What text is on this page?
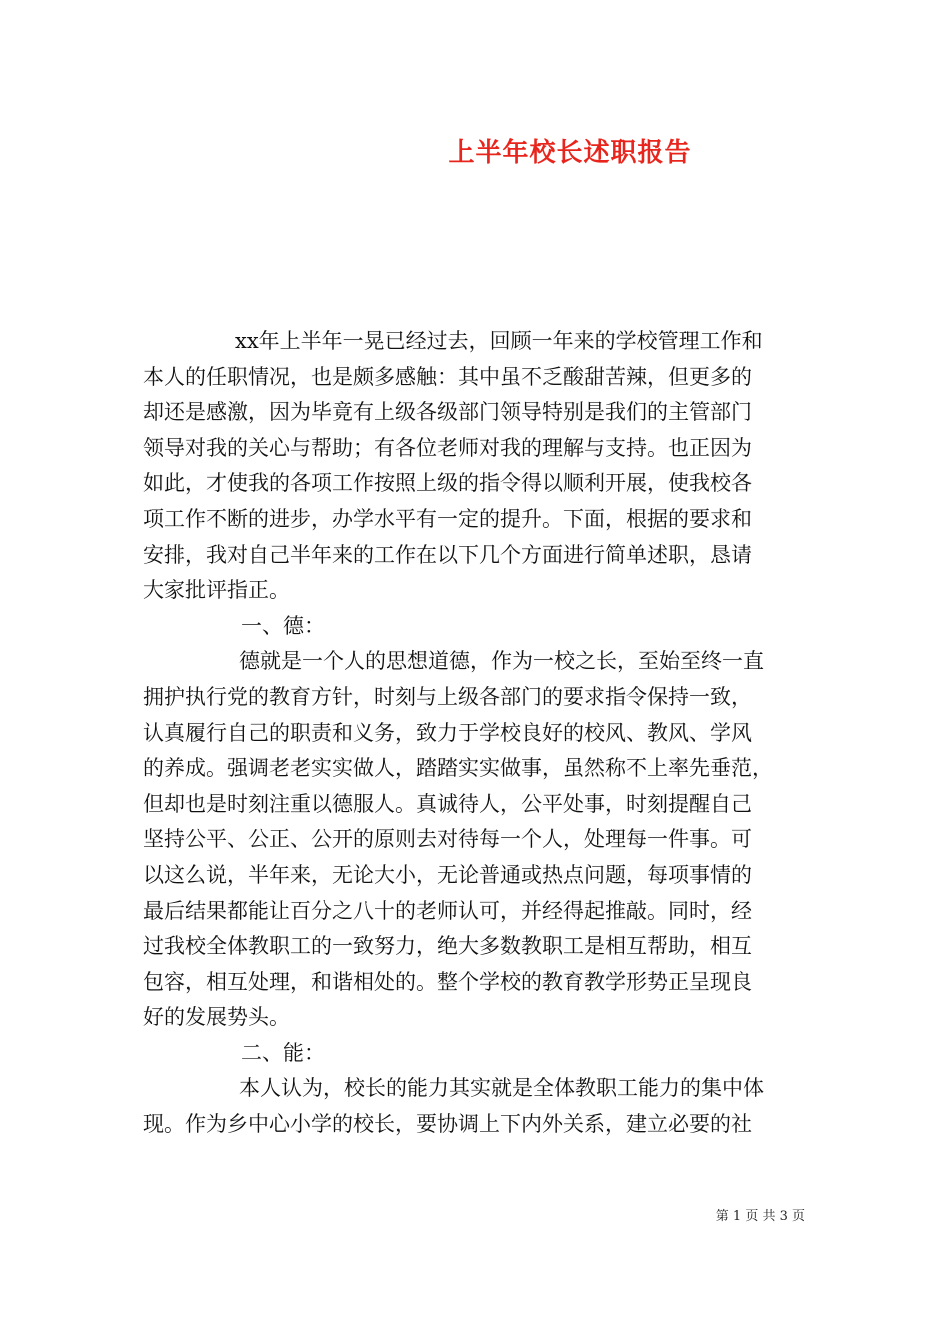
上半年校长述职报告
xx年上半年一晃已经过去，回顾一年来的学校管理工作和
本人的任职情况，也是颇多感触：其中虽不乏酸甜苦辣，但更多的
却还是感激，因为毕竟有上级各级部门领导特别是我们的主管部门
领导对我的关心与帮助；有各位老师对我的理解与支持。也正因为
如此，才使我的各项工作按照上级的指令得以顺利开展，使我校各
项工作不断的进步，办学水平有一定的提升。下面，根据的要求和
安排，我对自己半年来的工作在以下几个方面进行简单述职，恳请
大家批评指正。
一、德：
德就是一个人的思想道德，作为一校之长，至始至终一直
拥护执行党的教育方针，时刻与上级各部门的要求指令保持一致，
认真履行自己的职责和义务，致力于学校良好的校风、教风、学风
的养成。强调老老实实做人，踏踏实实做事，虽然称不上率先垂范，
但却也是时刻注重以德服人。真诚待人，公平处事，时刻提醒自己
坚持公平、公正、公开的原则去对待每一个人，处理每一件事。可
以这么说，半年来，无论大小，无论普通或热点问题，每项事情的
最后结果都能让百分之八十的老师认可，并经得起推敲。同时，经
过我校全体教职工的一致努力，绝大多数教职工是相互帮助，相互
包容，相互处理，和谐相处的。整个学校的教育教学形势正呈现良
好的发展势头。
二、能：
本人认为，校长的能力其实就是全体教职工能力的集中体
现。作为乡中心小学的校长，要协调上下内外关系，建立必要的社
第 1 页 共 3 页
